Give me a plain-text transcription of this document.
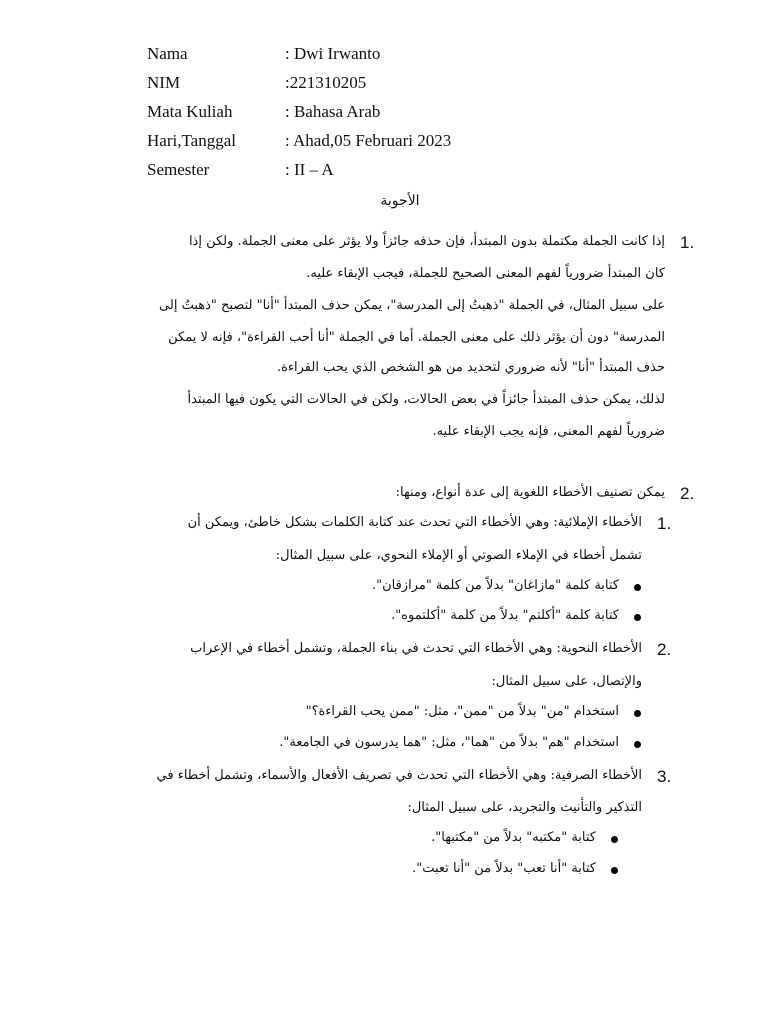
Nama	: Dwi Irwanto
NIM	:221310205
Mata Kuliah	: Bahasa Arab
Hari,Tanggal	: Ahad,05 Februari 2023
Semester	: II – A
الأجوبة
1.
إذا كانت الجملة مكتملة بدون المبتدأ، فإن حذفه جائزاً ولا يؤثر على معنى الجملة. ولكن إذا
كان المبتدأ ضرورياً لفهم المعنى الصحيح للجملة، فيجب الإبقاء عليه.
على سبيل المثال، في الجملة "ذهبتُ إلى المدرسة"، يمكن حذف المبتدأ "أنا" لتصبح "ذهبتُ إلى
المدرسة" دون أن يؤثر ذلك على معنى الجملة. أما في الجملة "أنا أحب القراءة"، فإنه لا يمكن
حذف المبتدأ "أنا" لأنه ضروري لتحديد من هو الشخص الذي يحب القراءة.
لذلك، يمكن حذف المبتدأ جائزاً في بعض الحالات، ولكن في الحالات التي يكون فيها المبتدأ
ضرورياً لفهم المعنى، فإنه يجب الإبقاء عليه.
2.
يمكن تصنيف الأخطاء اللغوية إلى عدة أنواع، ومنها:
1.
الأخطاء الإملائية: وهي الأخطاء التي تحدث عند كتابة الكلمات بشكل خاطئ، ويمكن أن
تشمل أخطاء في الإملاء الصوتي أو الإملاء النحوي، على سبيل المثال:
كتابة كلمة "مازاغان" بدلاً من كلمة "مرازقان".
كتابة كلمة "أكلتم" بدلاً من كلمة "أكلتموه".
2.
الأخطاء النحوية: وهي الأخطاء التي تحدث في بناء الجملة، وتشمل أخطاء في الإعراب
والإتصال، على سبيل المثال:
استخدام "من" بدلاً من "ممن"، مثل: "ممن يحب القراءة؟"
استخدام "هم" بدلاً من "هما"، مثل: "هما يدرسون في الجامعة".
3.
الأخطاء الصرفية: وهي الأخطاء التي تحدث في تصريف الأفعال والأسماء، وتشمل أخطاء في
التذكير والتأنيث والتجريد، على سبيل المثال:
كتابة "مكتبه" بدلاً من "مكتبها".
كتابة "أنا تعب" بدلاً من "أنا تعبت".
